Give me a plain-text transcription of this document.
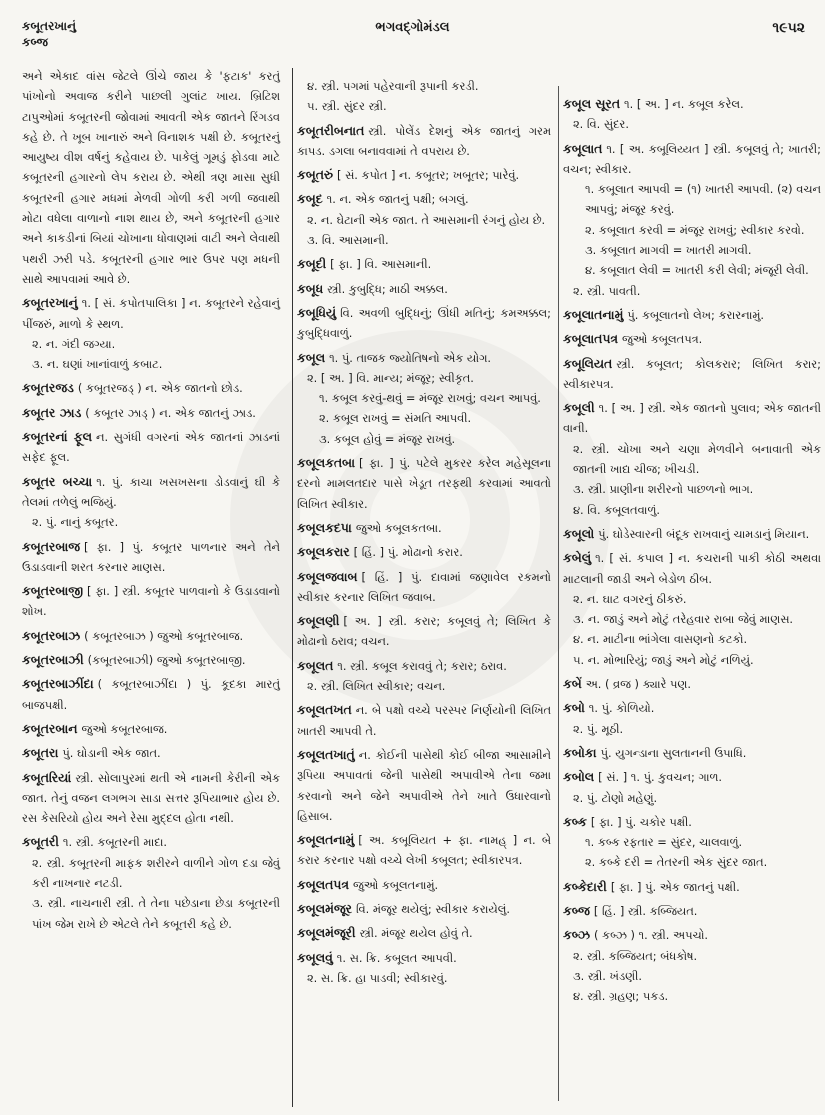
કબૂતરખાનું
કબ્જ
ભગવદ્ગોમંડલ	૧૯૫૨
અને એકાદ વાંસ જેટલે ઊંચે જાય કે 'ફટાક' કરતું પાંખોનો અવાજ કરીને પાછલી ગુલાંટ ખાય. બ્રિટિશ ટાપુઓમાં કબૂતરની જોવામાં આવતી એક જાતને રિંગડવ કહે છે. તે ખૂબ ખાનારું અને વિનાશક પક્ષી છે. કબૂતરનું આયુષ્ય વીશ વર્ષનું કહેવાય છે. પાકેલું ગૂમડું ફોડવા માટે કબૂતરની હગારનો લેપ કરાય છે. એથી ત્રણ માસા સુધી કબૂતરની હગાર મધમાં મેળવી ગોળી કરી ગળી જવાથી મોટા વધેલા વાળાનો નાશ થાય છે, અને કબૂતરની હગાર અને કાકડીનાં બિયાં ચોખાના ધોવાણમાં વાટી અને લેવાથી પથરી ઝરી પડે. કબૂતરની હગાર ભાર ઉપર પણ મધની સાથે આપવામાં આવે છે.
કબૂતરખાનું ૧. [ સં. કપોતપાલિકા ] ન. કબૂતરને રહેવાનું પીંજરું, માળો કે સ્થળ.
૨. ન. ગંદી જગ્યા.
૩. ન. ઘણાં ખાનાંવાળું કબાટ.
કબૂતરજડ ( કબૂતરજડ્ ) ન. એક જાતનો છોડ.
કબૂતર ઝાડ ( કબૂતર ઝાડ્ ) ન. એક જાતનું ઝાડ.
કબૂતરનાં ફૂલ ન. સુગંધી વગરનાં એક જાતનાં ઝાડનાં સફેદ ફૂલ.
કબૂતર બચ્ચા ૧. પું. કાચા ખસખસના ડોડવાનું ઘી કે તેલમાં તળેલું ભજિયું.
૨. પું. નાનું કબૂતર.
કબૂતરબાજ [ ફા. ] પું. કબૂતર પાળનાર અને તેને ઉડાડવાની શરત કરનાર માણસ.
કબૂતરબાજી [ ફા. ] સ્ત્રી. કબૂતર પાળવાનો કે ઉડાડવાનો શોખ.
કબૂતરબાઝ ( કબૂતરબાઝ ) જુઓ કબૂતરબાજ.
કબૂતરબાઝી (કબૂતરબાઝી) જુઓ કબૂતરબાજી.
કબૂતરબાઝીંદા ( કબૂતરબાઝીંદા ) પું. કૂદકા મારતું બાજપક્ષી.
કબૂતરબાન જુઓ કબૂતરબાજ.
કબૂતરા પું. ઘોડાની એક જાત.
કબૂતરિયાં સ્ત્રી. સોલાપુરમાં થતી એ નામની કેરીની એક જાત. તેનું વજન લગભગ સાડા સત્તર રૂપિયાભાર હોય છે. રસ કેસરિયો હોય અને રેસા મુદ્દલ હોતા નથી.
કબૂતરી ૧. સ્ત્રી. કબૂતરની માદા.
૨. સ્ત્રી. કબૂતરની માફક શરીરને વાળીને ગોળ દડા જેવું કરી નાખનાર નટડી.
૩. સ્ત્રી. નાચનારી સ્ત્રી. તે તેના પછેડાના છેડા કબૂતરની પાંખ જેમ રાખે છે એટલે તેને કબૂતરી કહે છે.
૪. સ્ત્રી. પગમાં પહેરવાની રૂપાની કરડી.
૫. સ્ત્રી. સુંદર સ્ત્રી.
કબૂતરીબનાત સ્ત્રી. પોલેંડ દેશનું એક જાતનું ગરમ કાપડ. ડગલા બનાવવામાં તે વપરાય છે.
કબૂતરું [ સં. કપોત ] ન. કબૂતર; ખબૂતર; પારેવું.
કબૂદ ૧. ન. એક જાતનું પક્ષી; બગલું.
૨. ન. ઘેટાની એક જાત. તે આસમાની રંગનું હોય છે.
૩. વિ. આસમાની.
કબૂદી [ ફા. ] વિ. આસમાની.
કબૂધ સ્ત્રી. કુબુદ્ધિ; માઠી અક્કલ.
કબૂધિયું વિ. અવળી બુદ્ધિનું; ઊંધી મતિનું; કમઅક્કલ; કુબુદ્ધિવાળું.
કબૂલ ૧. પું. તાજક જ્યોતિષનો એક યોગ.
૨. [ અ. ] વિ. માન્ય; મંજૂર; સ્વીકૃત.
૧. કબૂલ કરવું-થવું = મંજૂર રાખવું; વચન આપવું.
૨. કબૂલ રાખવું = સંમતિ આપવી.
૩. કબૂલ હોવું = મંજૂર રાખવું.
કબૂલકતબા [ ફા. ] પું. પટેલે મુકરર કરેલ મહેસૂલના દરનો મામલતદાર પાસે ખેડૂત તરફથી કરવામાં આવતો લિખિત સ્વીકાર.
કબૂલકદપા જુઓ કબૂલકતબા.
કબૂલકરાર [ હિં. ] પું. મોઢાનો કરાર.
કબૂલજવાબ [ હિં. ] પું. દાવામાં જણાવેલ રકમનો સ્વીકાર કરનાર લિખિત જવાબ.
કબૂલણી [ અ. ] સ્ત્રી. કરાર; કબૂલવું તે; લિખિત કે મોઢાનો ઠરાવ; વચન.
કબૂલત ૧. સ્ત્રી. કબૂલ કરાવવું તે; કરાર; ઠરાવ.
૨. સ્ત્રી. લિખિત સ્વીકાર; વચન.
કબૂલતખત ન. બે પક્ષો વચ્ચે પરસ્પર નિર્ણયોની લિખિત ખાતરી આપવી તે.
કબૂલતખાતું ન. કોઈની પાસેથી કોઈ બીજા આસામીને રૂપિયા અપાવતાં જેની પાસેથી અપાવીએ તેના જમા કરવાનો અને જેને અપાવીએ તેને ખાતે ઉધારવાનો હિસાબ.
કબૂલતનામું [ અ. કબૂલિયત + ફા. નામહ્ ] ન. બે કરાર કરનાર પક્ષો વચ્ચે લેખી કબૂલત; સ્વીકારપત્ર.
કબૂલતપત્ર જુઓ કબૂલતનામું.
કબૂલમંજૂર વિ. મંજૂર થયેલું; સ્વીકાર કરાયેલું.
કબૂલમંજૂરી સ્ત્રી. મંજૂર થયેલ હોવું તે.
કબૂલવું ૧. સ. ક્રિ. કબૂલત આપવી.
૨. સ. ક્રિ. હા પાડવી; સ્વીકારવું.
કબૂલ સૂરત ૧. [ અ. ] ન. કબૂલ કરેલ.
૨. વિ. સુંદર.
કબૂલાત ૧. [ અ. કબૂલિય્યત ] સ્ત્રી. કબૂલવું તે; ખાતરી; વચન; સ્વીકાર.
૧. કબૂલાત આપવી = (૧) ખાતરી આપવી. (૨) વચન આપવું; મંજૂર કરવું.
૨. કબૂલાત કરવી = મંજૂર રાખવું; સ્વીકાર કરવો.
૩. કબૂલાત માગવી = ખાતરી માગવી.
૪. કબૂલાત લેવી = ખાતરી કરી લેવી; મંજૂરી લેવી.
૨. સ્ત્રી. પાવતી.
કબૂલાતનામું પું. કબૂલાતનો લેખ; કરારનામું.
કબૂલાતપત્ર જુઓ કબૂલતપત્ર.
કબૂલિયત સ્ત્રી. કબૂલત; કોલકરાર; લિખિત કરાર; સ્વીકારપત્ર.
કબૂલી ૧. [ અ. ] સ્ત્રી. એક જાતનો પુલાવ; એક જાતની વાની.
૨. સ્ત્રી. ચોખા અને ચણા મેળવીને બનાવાતી એક જાતની ખાદ્ય ચીજ; ખીચડી.
૩. સ્ત્રી. પ્રાણીના શરીરનો પાછળનો ભાગ.
૪. વિ. કબૂલતવાળું.
કબૂલો પું. ઘોડેસ્વારની બંદૂક રાખવાનું ચામડાનું મિયાન.
કબેલું ૧. [ સં. કપાલ ] ન. કચરાની પાકી કોઠી અથવા માટલાની જાડી અને બેડોળ ઠીબ.
૨. ન. ઘાટ વગરનું ઠીકરું.
૩. ન. જાડું અને મોટું તરેહવાર રાબા જેવું માણસ.
૪. ન. માટીના ભાંગેલા વાસણનો કટકો.
૫. ન. મોભારિયું; જાડું અને મોટું નળિયું.
કબેં અ. ( વ્રજ ) ક્યારે પણ.
કબો ૧. પું. કોળિયો.
૨. પું. મૂઠી.
કબોકા પું. યુગન્ડાના સુલતાનની ઉપાધિ.
કબોલ [ સં. ] ૧. પું. કુવચન; ગાળ.
૨. પું. ટોણો મહેણું.
કબ્ક [ ફા. ] પું. ચકોર પક્ષી.
૧. કબ્ક રફતાર = સુંદર, ચાલવાળું.
૨. કબ્કે દરી = તેતરની એક સુંદર જાત.
કબ્કેદારી [ ફા. ] પું. એક જાતનું પક્ષી.
કબ્જ [ હિં. ] સ્ત્રી. કબ્જિયત.
કબ્ઝ ( કબ્ઝ ) ૧. સ્ત્રી. અપચો.
૨. સ્ત્રી. કબ્જિયત; બંધકોષ.
૩. સ્ત્રી. ખંડણી.
૪. સ્ત્રી. ગ્રહણ; પકડ.
